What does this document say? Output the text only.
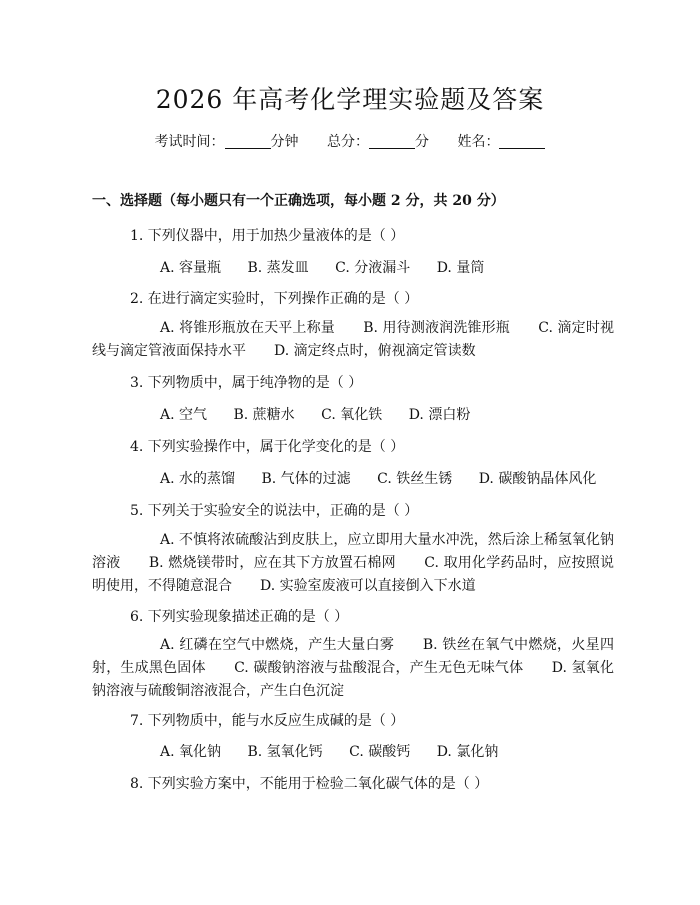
2026 年高考化学理实验题及答案
考试时间：	分钟 总分：	分 姓名：
一、选择题（每小题只有一个正确选项，每小题 2 分，共 20 分）
1. 下列仪器中，用于加热少量液体的是（ ）
A. 容量瓶 B. 蒸发皿 C. 分液漏斗 D. 量筒
2. 在进行滴定实验时，下列操作正确的是（ ）
A. 将锥形瓶放在天平上称量　　B. 用待测液润洗锥形瓶　　C. 滴定时视线与滴定管液面保持水平　　D. 滴定终点时，俯视滴定管读数
3. 下列物质中，属于纯净物的是（ ）
A. 空气 B. 蔗糖水 C. 氧化铁 D. 漂白粉
4. 下列实验操作中，属于化学变化的是（ ）
A. 水的蒸馏 B. 气体的过滤 C. 铁丝生锈 D. 碳酸钠晶体风化
5. 下列关于实验安全的说法中，正确的是（ ）
A. 不慎将浓硫酸沾到皮肤上，应立即用大量水冲洗，然后涂上稀氢氧化钠溶液　　B. 燃烧镁带时，应在其下方放置石棉网　　C. 取用化学药品时，应按照说明使用，不得随意混合　　D. 实验室废液可以直接倒入下水道
6. 下列实验现象描述正确的是（ ）
A. 红磷在空气中燃烧，产生大量白雾　　B. 铁丝在氧气中燃烧，火星四射，生成黑色固体　　C. 碳酸钠溶液与盐酸混合，产生无色无味气体　　D. 氢氧化钠溶液与硫酸铜溶液混合，产生白色沉淀
7. 下列物质中，能与水反应生成碱的是（ ）
A. 氧化钠 B. 氢氧化钙 C. 碳酸钙 D. 氯化钠
8. 下列实验方案中，不能用于检验二氧化碳气体的是（ ）
